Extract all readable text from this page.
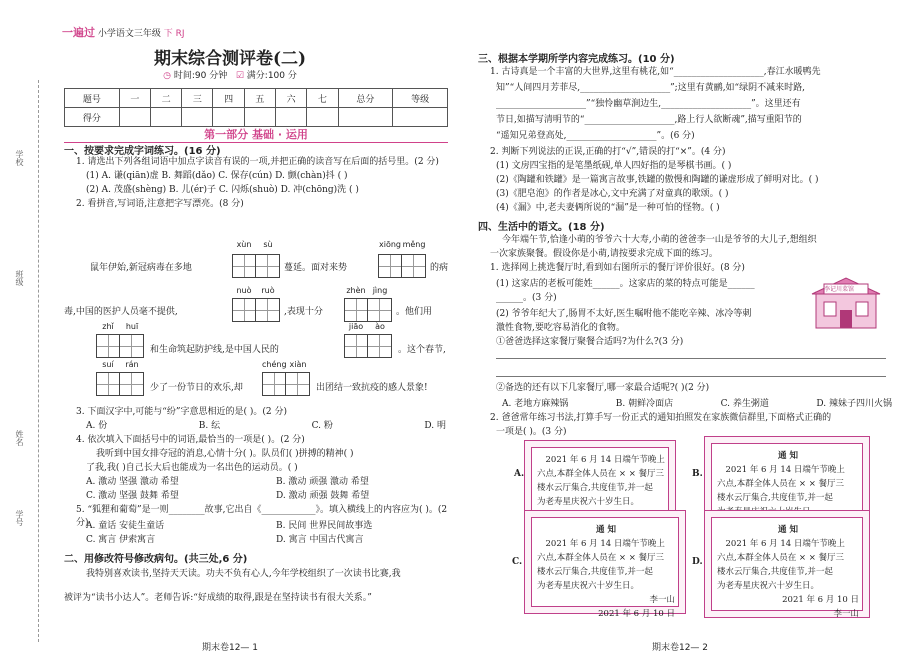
学校
班级
姓名
学号
一遍过 小学语文三年级 下 RJ
期末综合测评卷(二)
◷ 时间:90 分钟 ☑ 满分:100 分
题号	一	二	三	四	五	六	七	总分	等级
得分									
第一部分 基础 · 运用
一、按要求完成字词练习。(16 分)
1. 请选出下列各组词语中加点字读音有误的一项,并把正确的读音写在后面的括号里。(2 分)
(1) A. 谦(qiān)虚 B. 舞蹈(dǎo) C. 保存(cún) D. 颤(chàn)抖 ( )
(2) A. 茂盛(shèng) B. 儿(ér)子 C. 闪烁(shuò) D. 冲(chōng)洗 ( )
2. 看拼音,写词语,注意把字写漂亮。(8 分)
xùn	sù	xiōng měng
鼠年伊始,新冠病毒在多地	蔓延。面对来势	的病
nuò	ruò	zhèn jìng
毒,中国的医护人员毫不提供,	,表现十分	。他们用
zhǐ	huī	jiāo	ào
和生命筑起防护线,是中国人民的	。这个春节,
suí	rán	chéng xiàn
少了一份节日的欢乐,却	出团结一致抗疫的感人景象!
3. 下面汉字中,可能与“纷”字意思相近的是( )。(2 分)
A. 份	B. 纭	C. 粉	D. 明
4. 依次填入下面括号中的词语,最恰当的一项是( )。(2 分)
我听到中国女排夺冠的消息,心情十分( )。队员们( )拼搏的精神( )
了我,我( )自己长大后也能成为一名出色的运动员。( )
A. 激动 坚强 激动 希望	B. 激动 顽强 激动 希望
C. 激动 坚强 鼓舞 希望	D. 激动 顽强 鼓舞 希望
5. “狐狸和葡萄”是一则________故事,它出自《____________》。填入横线上的内容应为( )。(2 分)
A. 童话 安徒生童话	B. 民间 世界民间故事选
C. 寓言 伊索寓言	D. 寓言 中国古代寓言
二、用修改符号修改病句。(共三处,6 分)
我特别喜欢读书,坚持天天读。功夫不负有心人,今年学校组织了一次读书比赛,我
被评为“读书小达人”。老师告诉:“好成绩的取得,跟是在坚持读书有很大关系。”
期末卷12— 1
三、根据本学期所学内容完成练习。(10 分)
1. 古诗真是一个丰富的大世界,这里有桃花,如“____________________,春江水暖鸭先
知”“人间四月芳菲尽,____________________”;这里有黄鹂,如“绿阴不减来时路,
____________________”“独怜幽草涧边生,____________________”。这里还有
节日,如描写清明节的“____________________,路上行人欲断魂”,描写重阳节的
“遥知兄弟登高处,____________________”。(6 分)
2. 判断下列说法的正误,正确的打“√”,错误的打“×”。(4 分)
(1) 文房四宝指的是笔墨纸砚,单人四好指的是琴棋书画。( )
(2)《陶罐和铁罐》是一篇寓言故事,铁罐的傲慢和陶罐的谦虚形成了鲜明对比。( )
(3)《肥皂泡》的作者是冰心,文中充满了对童真的歌颂。( )
(4)《漏》中,老夫妻俩所说的“漏”是一种可怕的怪物。( )
四、生活中的语文。(18 分)
今年端午节,恰逢小萌的爷爷六十大寿,小萌的爸爸李一山是爷爷的大儿子,想组织
一次家族聚餐。假设你是小萌,请按要求完成下面的练习。
1. 选择网上挑选餐厅时,看到如右图所示的餐厅评价很好。(8 分)
(1) 这家店的老板可能姓______。这家店的菜的特点可能是______
______。(3 分)
(2) 爷爷年纪大了,肠胃不太好,医生嘱咐他不能吃辛辣、冰冷等刺
激性食物,要吃容易消化的食物。
①爸爸选择这家餐厅聚餐合适吗?为什么?(3 分)
李记川菜馆
②备选的还有以下几家餐厅,哪一家最合适呢?( )(2 分)
A. 老地方麻辣锅	B. 朝鲜冷面店	C. 养生粥道	D. 辣妹子四川火锅
2. 爸爸常年练习书法,打算手写一份正式的通知拍照发在家族微信群里,下面格式正确的
一项是( )。(3 分)
A.
2021 年 6 月 14 日端午节晚上
六点,本群全体人员在 × × 餐厅三
楼水云厅集合,共度佳节,并一起
为老寿星庆祝六十岁生日。
B.
通 知
2021 年 6 月 14 日端午节晚上
六点,本群全体人员在 × × 餐厅三
楼水云厅集合,共度佳节,并一起
C.
通 知
2021 年 6 月 14 日端午节晚上
六点,本群全体人员在 × × 餐厅三
楼水云厅集合,共度佳节,并一起
为老寿星庆祝六十岁生日。
李一山
2021 年 6 月 10 日
D.
通 知
2021 年 6 月 14 日端午节晚上
六点,本群全体人员在 × × 餐厅三
楼水云厅集合,共度佳节,并一起
为老寿星庆祝六十岁生日。
2021 年 6 月 10 日
李一山
期末卷12— 2
